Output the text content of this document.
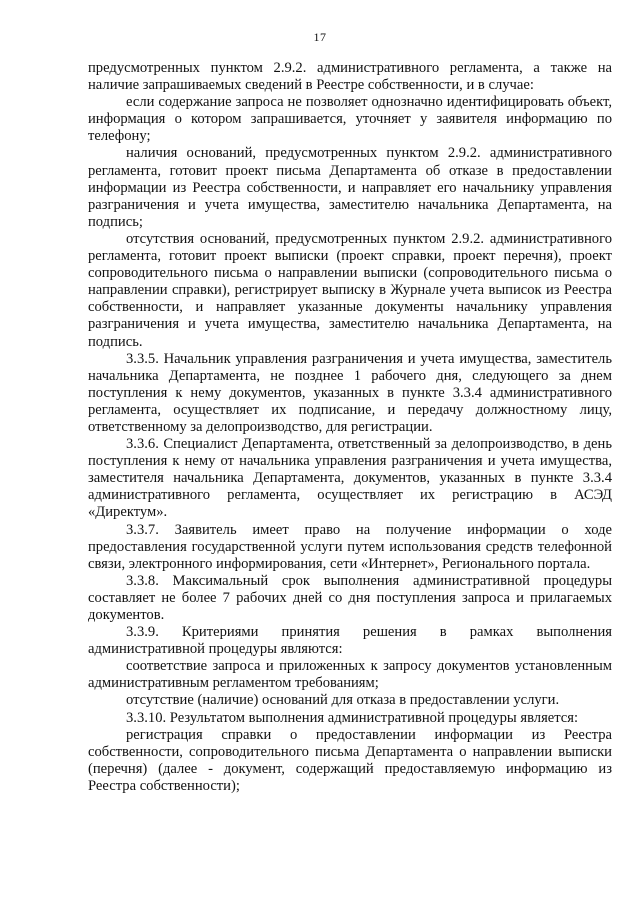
17

предусмотренных пунктом 2.9.2. административного регламента, а также на наличие запрашиваемых сведений в Реестре собственности, и в случае:

если содержание запроса не позволяет однозначно идентифицировать объект, информация о котором запрашивается, уточняет у заявителя информацию по телефону;

наличия оснований, предусмотренных пунктом 2.9.2. административного регламента, готовит проект письма Департамента об отказе в предоставлении информации из Реестра собственности, и направляет его начальнику управления разграничения и учета имущества, заместителю начальника Департамента, на подпись;

отсутствия оснований, предусмотренных пунктом 2.9.2. административного регламента, готовит проект выписки (проект справки, проект перечня), проект сопроводительного письма о направлении выписки (сопроводительного письма о направлении справки), регистрирует выписку в Журнале учета выписок из Реестра собственности, и направляет указанные документы начальнику управления разграничения и учета имущества, заместителю начальника Департамента, на подпись.

3.3.5. Начальник управления разграничения и учета имущества, заместитель начальника Департамента, не позднее 1 рабочего дня, следующего за днем поступления к нему документов, указанных в пункте 3.3.4 административного регламента, осуществляет их подписание, и передачу должностному лицу, ответственному за делопроизводство, для регистрации.

3.3.6. Специалист Департамента, ответственный за делопроизводство, в день поступления к нему от начальника управления разграничения и учета имущества, заместителя начальника Департамента, документов, указанных в пункте 3.3.4 административного регламента, осуществляет их регистрацию в АСЭД «Директум».

3.3.7. Заявитель имеет право на получение информации о ходе предоставления государственной услуги путем использования средств телефонной связи, электронного информирования, сети «Интернет», Регионального портала.

3.3.8. Максимальный срок выполнения административной процедуры составляет не более 7 рабочих дней со дня поступления запроса и прилагаемых документов.

3.3.9. Критериями принятия решения в рамках выполнения административной процедуры являются:

соответствие запроса и приложенных к запросу документов установленным административным регламентом требованиям;

отсутствие (наличие) оснований для отказа в предоставлении услуги.

3.3.10. Результатом выполнения административной процедуры является:

регистрация справки о предоставлении информации из Реестра собственности, сопроводительного письма Департамента о направлении выписки (перечня) (далее - документ, содержащий предоставляемую информацию из Реестра собственности);
